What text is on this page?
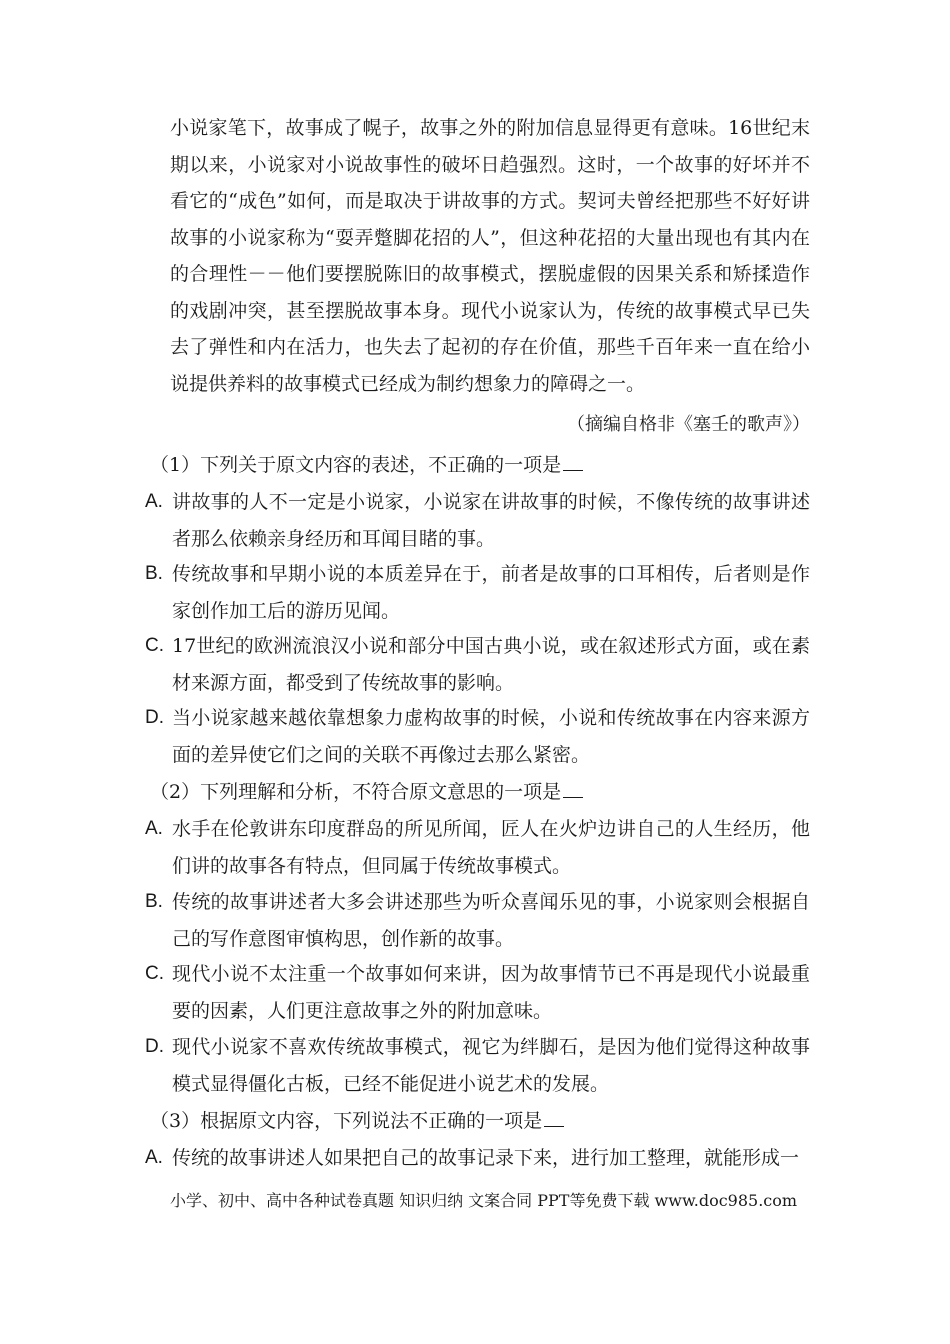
小说家笔下，故事成了幌子，故事之外的附加信息显得更有意味。16世纪末期以来，小说家对小说故事性的破坏日趋强烈。这时，一个故事的好坏并不看它的“成色”如何，而是取决于讲故事的方式。契诃夫曾经把那些不好好讲故事的小说家称为“耍弄蹩脚花招的人”，但这种花招的大量出现也有其内在的合理性－－他们要摆脱陈旧的故事模式，摆脱虚假的因果关系和矫揉造作的戏剧冲突，甚至摆脱故事本身。现代小说家认为，传统的故事模式早已失去了弹性和内在活力，也失去了起初的存在价值，那些千百年来一直在给小说提供养料的故事模式已经成为制约想象力的障碍之一。
（摘编自格非《塞壬的歌声》）
（1）下列关于原文内容的表述，不正确的一项是
A. 讲故事的人不一定是小说家，小说家在讲故事的时候，不像传统的故事讲述者那么依赖亲身经历和耳闻目睹的事。
B. 传统故事和早期小说的本质差异在于，前者是故事的口耳相传，后者则是作家创作加工后的游历见闻。
C. 17世纪的欧洲流浪汉小说和部分中国古典小说，或在叙述形式方面，或在素材来源方面，都受到了传统故事的影响。
D. 当小说家越来越依靠想象力虚构故事的时候，小说和传统故事在内容来源方面的差异使它们之间的关联不再像过去那么紧密。
（2）下列理解和分析，不符合原文意思的一项是
A. 水手在伦敦讲东印度群岛的所见所闻，匠人在火炉边讲自己的人生经历，他们讲的故事各有特点，但同属于传统故事模式。
B. 传统的故事讲述者大多会讲述那些为听众喜闻乐见的事，小说家则会根据自己的写作意图审慎构思，创作新的故事。
C. 现代小说不太注重一个故事如何来讲，因为故事情节已不再是现代小说最重要的因素，人们更注意故事之外的附加意味。
D. 现代小说家不喜欢传统故事模式，视它为绊脚石，是因为他们觉得这种故事模式显得僵化古板，已经不能促进小说艺术的发展。
（3）根据原文内容，下列说法不正确的一项是
A. 传统的故事讲述人如果把自己的故事记录下来，进行加工整理，就能形成一
小学、初中、高中各种试卷真题 知识归纳 文案合同 PPT等免费下载 www.doc985.com
